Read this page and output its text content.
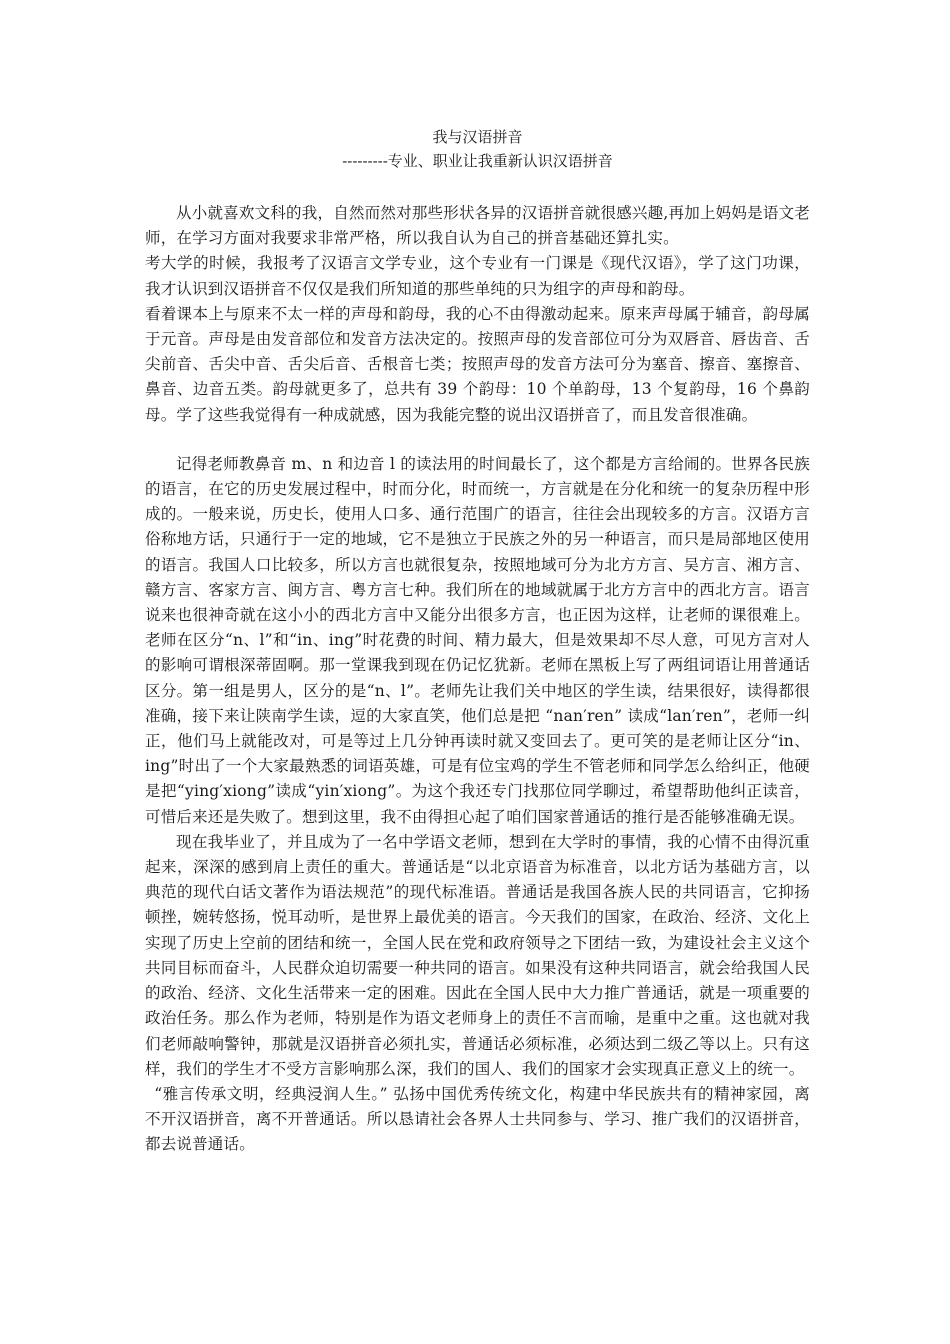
我与汉语拼音

---------专业、职业让我重新认识汉语拼音

从小就喜欢文科的我，自然而然对那些形状各异的汉语拼音就很感兴趣,再加上妈妈是语文老师，在学习方面对我要求非常严格，所以我自认为自己的拼音基础还算扎实。

考大学的时候，我报考了汉语言文学专业，这个专业有一门课是《现代汉语》，学了这门功课，我才认识到汉语拼音不仅仅是我们所知道的那些单纯的只为组字的声母和韵母。

看着课本上与原来不太一样的声母和韵母，我的心不由得激动起来。原来声母属于辅音，韵母属于元音。声母是由发音部位和发音方法决定的。按照声母的发音部位可分为双唇音、唇齿音、舌尖前音、舌尖中音、舌尖后音、舌根音七类；按照声母的发音方法可分为塞音、擦音、塞擦音、鼻音、边音五类。韵母就更多了，总共有 39 个韵母：10 个单韵母，13 个复韵母，16 个鼻韵母。学了这些我觉得有一种成就感，因为我能完整的说出汉语拼音了，而且发音很准确。

记得老师教鼻音 m、n 和边音 l 的读法用的时间最长了，这个都是方言给闹的。世界各民族的语言，在它的历史发展过程中，时而分化，时而统一，方言就是在分化和统一的复杂历程中形成的。一般来说，历史长，使用人口多、通行范围广的语言，往往会出现较多的方言。汉语方言俗称地方话，只通行于一定的地域，它不是独立于民族之外的另一种语言，而只是局部地区使用的语言。我国人口比较多，所以方言也就很复杂，按照地域可分为北方方言、吴方言、湘方言、赣方言、客家方言、闽方言、粤方言七种。我们所在的地域就属于北方方言中的西北方言。语言说来也很神奇就在这小小的西北方言中又能分出很多方言，也正因为这样，让老师的课很难上。老师在区分“n、l”和“in、ing”时花费的时间、精力最大，但是效果却不尽人意，可见方言对人的影响可谓根深蒂固啊。那一堂课我到现在仍记忆犹新。老师在黑板上写了两组词语让用普通话区分。第一组是男人，区分的是“n、l”。老师先让我们关中地区的学生读，结果很好，读得都很准确，接下来让陕南学生读，逗的大家直笑，他们总是把 “nan′ren” 读成“lan′ren”，老师一纠正，他们马上就能改对，可是等过上几分钟再读时就又变回去了。更可笑的是老师让区分“in、ing”时出了一个大家最熟悉的词语英雄，可是有位宝鸡的学生不管老师和同学怎么给纠正，他硬是把“ying′xiong”读成“yin′xiong”。为这个我还专门找那位同学聊过，希望帮助他纠正读音，可惜后来还是失败了。想到这里，我不由得担心起了咱们国家普通话的推行是否能够准确无误。

现在我毕业了，并且成为了一名中学语文老师，想到在大学时的事情，我的心情不由得沉重起来，深深的感到肩上责任的重大。普通话是“以北京语音为标准音，以北方话为基础方言，以典范的现代白话文著作为语法规范”的现代标准语。普通话是我国各族人民的共同语言，它抑扬顿挫，婉转悠扬，悦耳动听，是世界上最优美的语言。今天我们的国家，在政治、经济、文化上实现了历史上空前的团结和统一，全国人民在党和政府领导之下团结一致，为建设社会主义这个共同目标而奋斗，人民群众迫切需要一种共同的语言。如果没有这种共同语言，就会给我国人民的政治、经济、文化生活带来一定的困难。因此在全国人民中大力推广普通话，就是一项重要的政治任务。那么作为老师，特别是作为语文老师身上的责任不言而喻，是重中之重。这也就对我们老师敲响警钟，那就是汉语拼音必须扎实，普通话必须标准，必须达到二级乙等以上。只有这样，我们的学生才不受方言影响那么深，我们的国人、我们的国家才会实现真正意义上的统一。

“雅言传承文明，经典浸润人生。” 弘扬中国优秀传统文化，构建中华民族共有的精神家园，离不开汉语拼音，离不开普通话。所以恳请社会各界人士共同参与、学习、推广我们的汉语拼音，都去说普通话。
